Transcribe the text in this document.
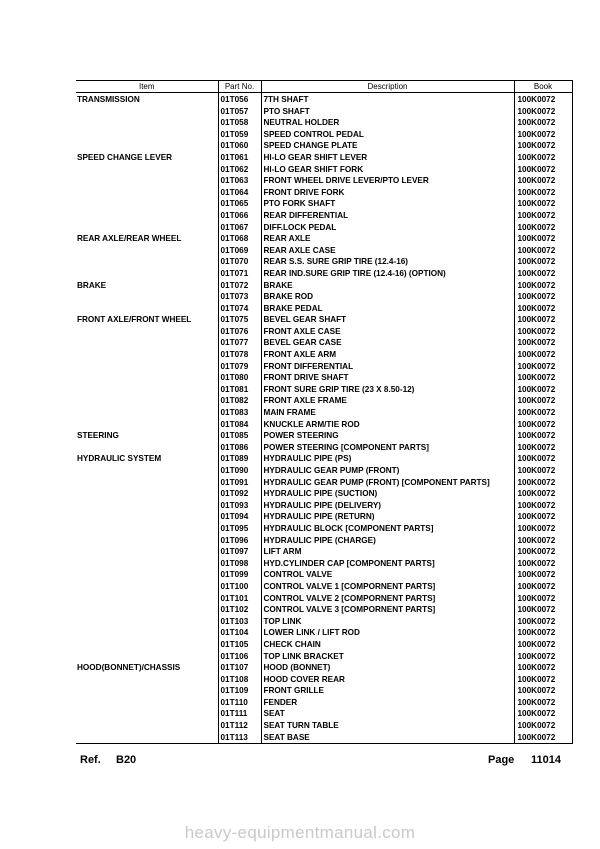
Item	Part No.	Description	Book
TRANSMISSION	01T056	7TH SHAFT	100K0072
	01T057	PTO SHAFT	100K0072
	01T058	NEUTRAL HOLDER	100K0072
	01T059	SPEED CONTROL PEDAL	100K0072
	01T060	SPEED CHANGE PLATE	100K0072
SPEED CHANGE LEVER	01T061	HI-LO GEAR SHIFT LEVER	100K0072
	01T062	HI-LO GEAR SHIFT FORK	100K0072
	01T063	FRONT WHEEL DRIVE LEVER/PTO LEVER	100K0072
	01T064	FRONT DRIVE FORK	100K0072
	01T065	PTO FORK SHAFT	100K0072
	01T066	REAR DIFFERENTIAL	100K0072
	01T067	DIFF.LOCK PEDAL	100K0072
REAR AXLE/REAR WHEEL	01T068	REAR AXLE	100K0072
	01T069	REAR AXLE CASE	100K0072
	01T070	REAR S.S. SURE GRIP TIRE (12.4-16)	100K0072
	01T071	REAR IND.SURE GRIP TIRE (12.4-16) (OPTION)	100K0072
BRAKE	01T072	BRAKE	100K0072
	01T073	BRAKE ROD	100K0072
	01T074	BRAKE PEDAL	100K0072
FRONT AXLE/FRONT WHEEL	01T075	BEVEL GEAR SHAFT	100K0072
	01T076	FRONT AXLE CASE	100K0072
	01T077	BEVEL GEAR CASE	100K0072
	01T078	FRONT AXLE ARM	100K0072
	01T079	FRONT DIFFERENTIAL	100K0072
	01T080	FRONT DRIVE SHAFT	100K0072
	01T081	FRONT SURE GRIP TIRE (23 X 8.50-12)	100K0072
	01T082	FRONT AXLE FRAME	100K0072
	01T083	MAIN FRAME	100K0072
	01T084	KNUCKLE ARM/TIE ROD	100K0072
STEERING	01T085	POWER STEERING	100K0072
	01T086	POWER STEERING [COMPONENT PARTS]	100K0072
HYDRAULIC SYSTEM	01T089	HYDRAULIC PIPE (PS)	100K0072
	01T090	HYDRAULIC GEAR PUMP (FRONT)	100K0072
	01T091	HYDRAULIC GEAR PUMP (FRONT) [COMPONENT PARTS]	100K0072
	01T092	HYDRAULIC PIPE (SUCTION)	100K0072
	01T093	HYDRAULIC PIPE (DELIVERY)	100K0072
	01T094	HYDRAULIC PIPE (RETURN)	100K0072
	01T095	HYDRAULIC BLOCK [COMPONENT PARTS]	100K0072
	01T096	HYDRAULIC PIPE (CHARGE)	100K0072
	01T097	LIFT ARM	100K0072
	01T098	HYD.CYLINDER CAP [COMPONENT PARTS]	100K0072
	01T099	CONTROL VALVE	100K0072
	01T100	CONTROL VALVE 1 [COMPORNENT PARTS]	100K0072
	01T101	CONTROL VALVE 2 [COMPORNENT PARTS]	100K0072
	01T102	CONTROL VALVE 3 [COMPORNENT PARTS]	100K0072
	01T103	TOP LINK	100K0072
	01T104	LOWER LINK / LIFT ROD	100K0072
	01T105	CHECK CHAIN	100K0072
	01T106	TOP LINK BRACKET	100K0072
HOOD(BONNET)/CHASSIS	01T107	HOOD (BONNET)	100K0072
	01T108	HOOD COVER REAR	100K0072
	01T109	FRONT GRILLE	100K0072
	01T110	FENDER	100K0072
	01T111	SEAT	100K0072
	01T112	SEAT TURN TABLE	100K0072
	01T113	SEAT BASE	100K0072
Ref. B20	Page 11014
heavy-equipmentmanual.com
